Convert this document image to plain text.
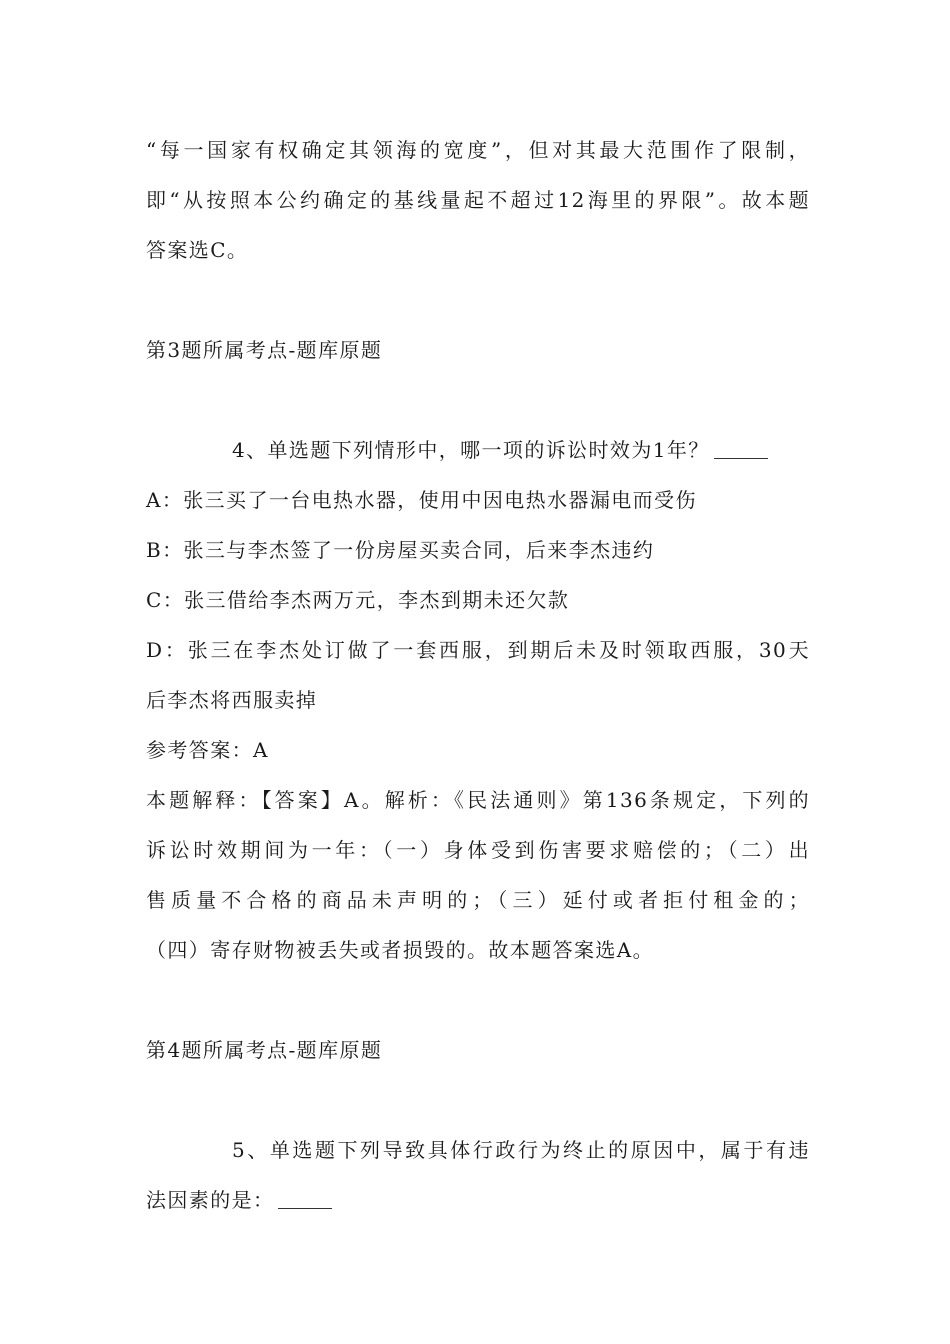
“每一国家有权确定其领海的宽度”，但对其最大范围作了限制，
即“从按照本公约确定的基线量起不超过12海里的界限”。故本题
答案选C。
第3题所属考点-题库原题
4、单选题下列情形中，哪一项的诉讼时效为1年？
A：张三买了一台电热水器，使用中因电热水器漏电而受伤
B：张三与李杰签了一份房屋买卖合同，后来李杰违约
C：张三借给李杰两万元，李杰到期未还欠款
D：张三在李杰处订做了一套西服，到期后未及时领取西服，30天
后李杰将西服卖掉
参考答案：A
本题解释：【答案】A。解析：《民法通则》第136条规定，下列的
诉讼时效期间为一年：（一）身体受到伤害要求赔偿的；（二）出
售质量不合格的商品未声明的；（三）延付或者拒付租金的；
（四）寄存财物被丢失或者损毁的。故本题答案选A。
第4题所属考点-题库原题
5、单选题下列导致具体行政行为终止的原因中，属于有违
法因素的是：
